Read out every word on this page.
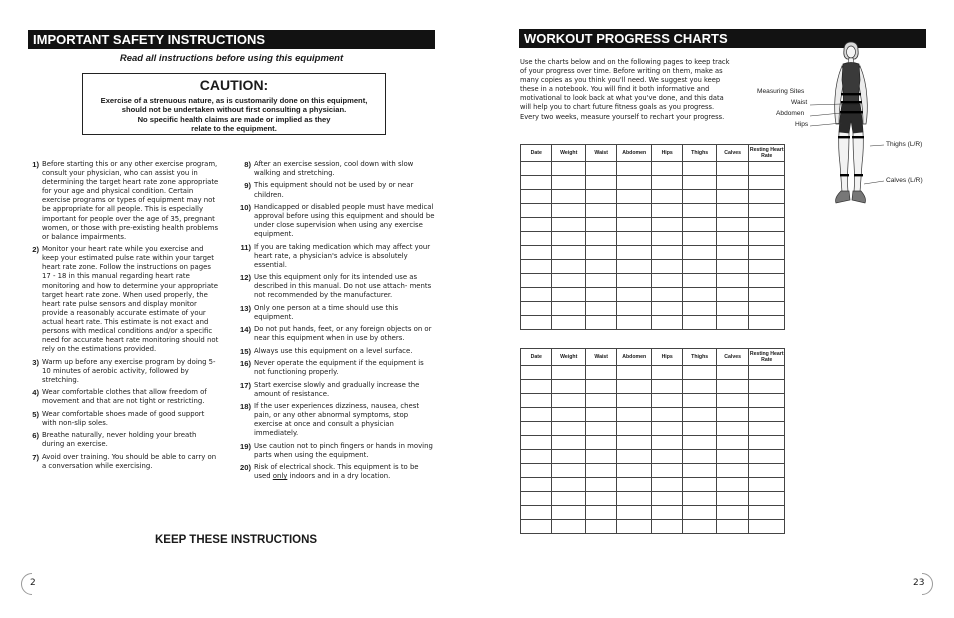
IMPORTANT SAFETY INSTRUCTIONS
Read all instructions before using this equipment
CAUTION:
Exercise of a strenuous nature, as is customarily done on this equipment,
should not be undertaken without first consulting a physician.
No specific health claims are made or implied as they
relate to the equipment.
1) Before starting this or any other exercise program, consult your physician, who can assist you in determining the target heart rate zone appropriate for your age and physical condition. Certain exercise programs or types of equipment may not be appropriate for all people. This is especially important for people over the age of 35, pregnant women, or those with pre-existing health problems or balance impairments.
2) Monitor your heart rate while you exercise and keep your estimated pulse rate within your target heart rate zone. Follow the instructions on pages 17 - 18 in this manual regarding heart rate monitoring and how to determine your appropriate target heart rate zone. When used properly, the heart rate pulse sensors and display monitor provide a reasonably accurate estimate of your actual heart rate. This estimate is not exact and persons with medical conditions and/or a specific need for accurate heart rate monitoring should not rely on the estimations provided.
3) Warm up before any exercise program by doing 5-10 minutes of aerobic activity, followed by stretching.
4) Wear comfortable clothes that allow freedom of movement and that are not tight or restricting.
5) Wear comfortable shoes made of good support with non-slip soles.
6) Breathe naturally, never holding your breath during an exercise.
7) Avoid over training. You should be able to carry on a conversation while exercising.
8) After an exercise session, cool down with slow walking and stretching.
9) This equipment should not be used by or near children.
10) Handicapped or disabled people must have medical approval before using this equipment and should be under close supervision when using any exercise equipment.
11) If you are taking medication which may affect your heart rate, a physician's advice is absolutely essential.
12) Use this equipment only for its intended use as described in this manual. Do not use attach- ments not recommended by the manufacturer.
13) Only one person at a time should use this equipment.
14) Do not put hands, feet, or any foreign objects on or near this equipment when in use by others.
15) Always use this equipment on a level surface.
16) Never operate the equipment if the equipment is not functioning properly.
17) Start exercise slowly and gradually increase the amount of resistance.
18) If the user experiences dizziness, nausea, chest pain, or any other abnormal symptoms, stop exercise at once and consult a physician immediately.
19) Use caution not to pinch fingers or hands in moving parts when using the equipment.
20) Risk of electrical shock. This equipment is to be used only indoors and in a dry location.
KEEP THESE INSTRUCTIONS
2
WORKOUT PROGRESS CHARTS
Use the charts below and on the following pages to keep track of your progress over time. Before writing on them, make as many copies as you think you'll need. We suggest you keep these in a notebook. You will find it both informative and motivational to look back at what you've done, and this data will help you to chart future fitness goals as you progress. Every two weeks, measure yourself to rechart your progress.
Date	Weight	Waist	Abdomen	Hips	Thighs	Calves	Resting Heart Rate

Date	Weight	Waist	Abdomen	Hips	Thighs	Calves	Resting Heart Rate

Measuring Sites
Waist
Abdomen
Hips
Thighs (L/R)
Calves (L/R)
23
